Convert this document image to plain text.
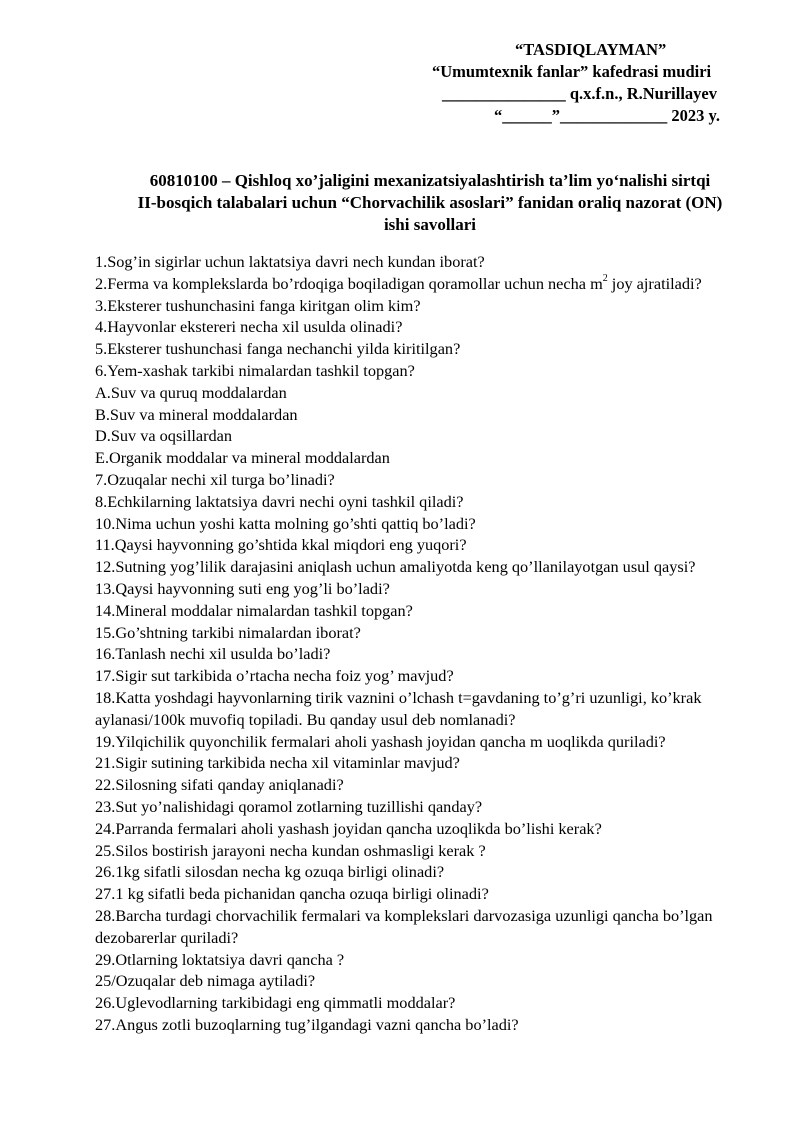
“TASDIQLAYMAN”
“Umumtexnik fanlar” kafedrasi mudiri
_______________ q.x.f.n., R.Nurillayev
“______”_____________ 2023 y.
60810100 – Qishloq xo’jaligini mexanizatsiyalashtirish ta’lim yo‘nalishi sirtqi
II-bosqich talabalari uchun “Chorvachilik asoslari” fanidan oraliq nazorat (ON)
ishi savollari

1.Sog’in sigirlar uchun laktatsiya davri nech kundan iborat?

2.Ferma va komplekslarda bo’rdoqiga boqiladigan qoramollar uchun necha $m^2$ joy ajratiladi?

3.Eksterer tushunchasini fanga kiritgan olim kim?

4.Hayvonlar ekstereri necha xil usulda olinadi?

5.Eksterer tushunchasi fanga nechanchi yilda kiritilgan?

6.Yem-xashak tarkibi nimalardan tashkil topgan?

A.Suv va quruq moddalardan

B.Suv va mineral moddalardan

D.Suv va oqsillardan

E.Organik moddalar va mineral moddalardan

7.Ozuqalar nechi xil turga bo’linadi?

8.Echkilarning laktatsiya davri nechi oyni tashkil qiladi?

10.Nima uchun yoshi katta molning go’shti qattiq bo’ladi?

11.Qaysi hayvonning go’shtida kkal miqdori eng yuqori?

12.Sutning yog’lilik darajasini aniqlash uchun amaliyotda keng qo’llanilayotgan usul qaysi?

13.Qaysi hayvonning suti eng yog’li bo’ladi?

14.Mineral moddalar nimalardan tashkil topgan?

15.Go’shtning tarkibi nimalardan iborat?

16.Tanlash nechi xil usulda bo’ladi?

17.Sigir sut tarkibida o’rtacha necha foiz yog’ mavjud?

18.Katta yoshdagi hayvonlarning tirik vaznini o’lchash t=gavdaning to’g’ri uzunligi, ko’krak aylanasi/100k muvofiq topiladi. Bu qanday usul deb nomlanadi?

19.Yilqichilik quyonchilik fermalari aholi yashash joyidan qancha m uoqlikda quriladi?

21.Sigir sutining tarkibida necha xil vitaminlar mavjud?

22.Silosning sifati qanday aniqlanadi?

23.Sut yo’nalishidagi qoramol zotlarning tuzillishi qanday?

24.Parranda fermalari aholi yashash joyidan qancha uzoqlikda bo’lishi kerak?

25.Silos bostirish jarayoni necha kundan oshmasligi kerak ?

26.1kg sifatli silosdan necha kg ozuqa birligi olinadi?

27.1 kg sifatli beda pichanidan qancha ozuqa birligi olinadi?

28.Barcha turdagi chorvachilik fermalari va komplekslari darvozasiga uzunligi qancha bo’lgan dezobarerlar quriladi?

29.Otlarning loktatsiya davri qancha ?

25/Ozuqalar deb nimaga aytiladi?

26.Uglevodlarning tarkibidagi eng qimmatli moddalar?

27.Angus zotli buzoqlarning tug’ilgandagi vazni qancha bo’ladi?
